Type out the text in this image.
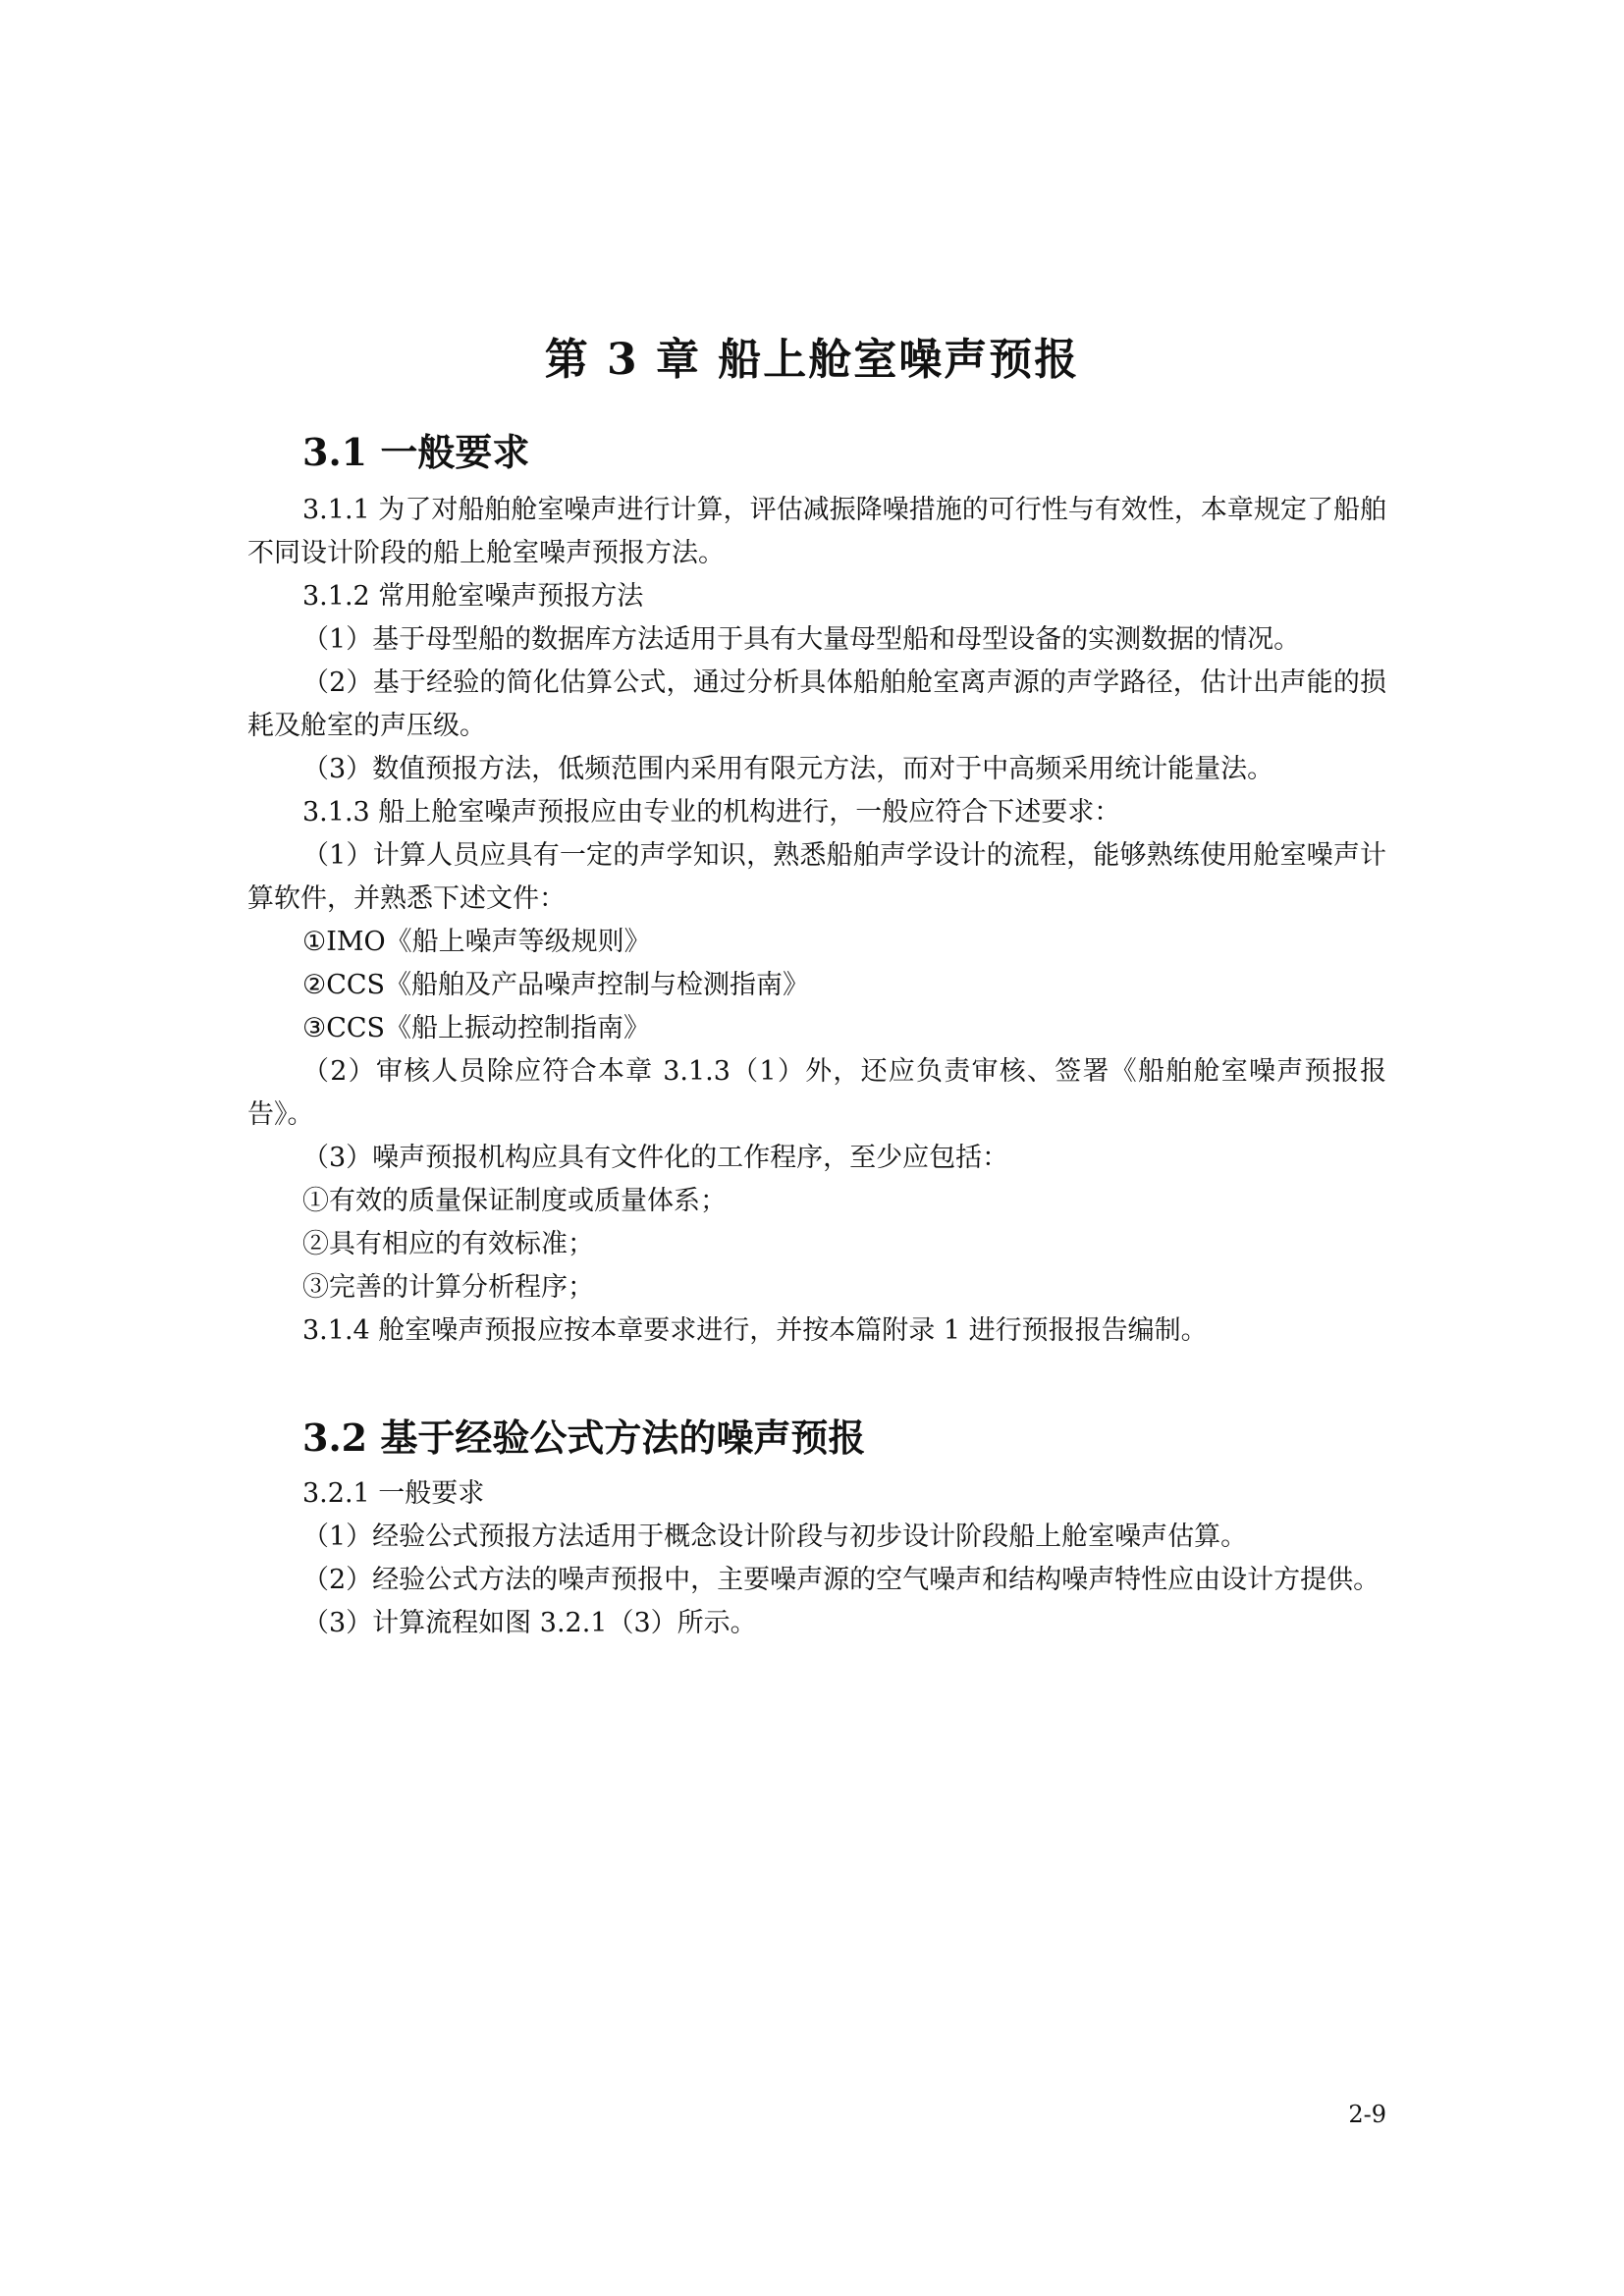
第 3 章 船上舱室噪声预报
3.1 一般要求

3.1.1 为了对船舶舱室噪声进行计算，评估减振降噪措施的可行性与有效性，本章规定了船舶不同设计阶段的船上舱室噪声预报方法。

3.1.2 常用舱室噪声预报方法

（1）基于母型船的数据库方法适用于具有大量母型船和母型设备的实测数据的情况。

（2）基于经验的简化估算公式，通过分析具体船舶舱室离声源的声学路径，估计出声能的损耗及舱室的声压级。

（3）数值预报方法，低频范围内采用有限元方法，而对于中高频采用统计能量法。

3.1.3 船上舱室噪声预报应由专业的机构进行，一般应符合下述要求：

（1）计算人员应具有一定的声学知识，熟悉船舶声学设计的流程，能够熟练使用舱室噪声计算软件，并熟悉下述文件：

①IMO《船上噪声等级规则》

②CCS《船舶及产品噪声控制与检测指南》

③CCS《船上振动控制指南》

（2）审核人员除应符合本章 3.1.3（1）外，还应负责审核、签署《船舶舱室噪声预报报告》。

（3）噪声预报机构应具有文件化的工作程序，至少应包括：

①有效的质量保证制度或质量体系；

②具有相应的有效标准；

③完善的计算分析程序；

3.1.4 舱室噪声预报应按本章要求进行，并按本篇附录 1 进行预报报告编制。

3.2 基于经验公式方法的噪声预报

3.2.1 一般要求

（1）经验公式预报方法适用于概念设计阶段与初步设计阶段船上舱室噪声估算。

（2）经验公式方法的噪声预报中，主要噪声源的空气噪声和结构噪声特性应由设计方提供。

（3）计算流程如图 3.2.1（3）所示。

2-9
